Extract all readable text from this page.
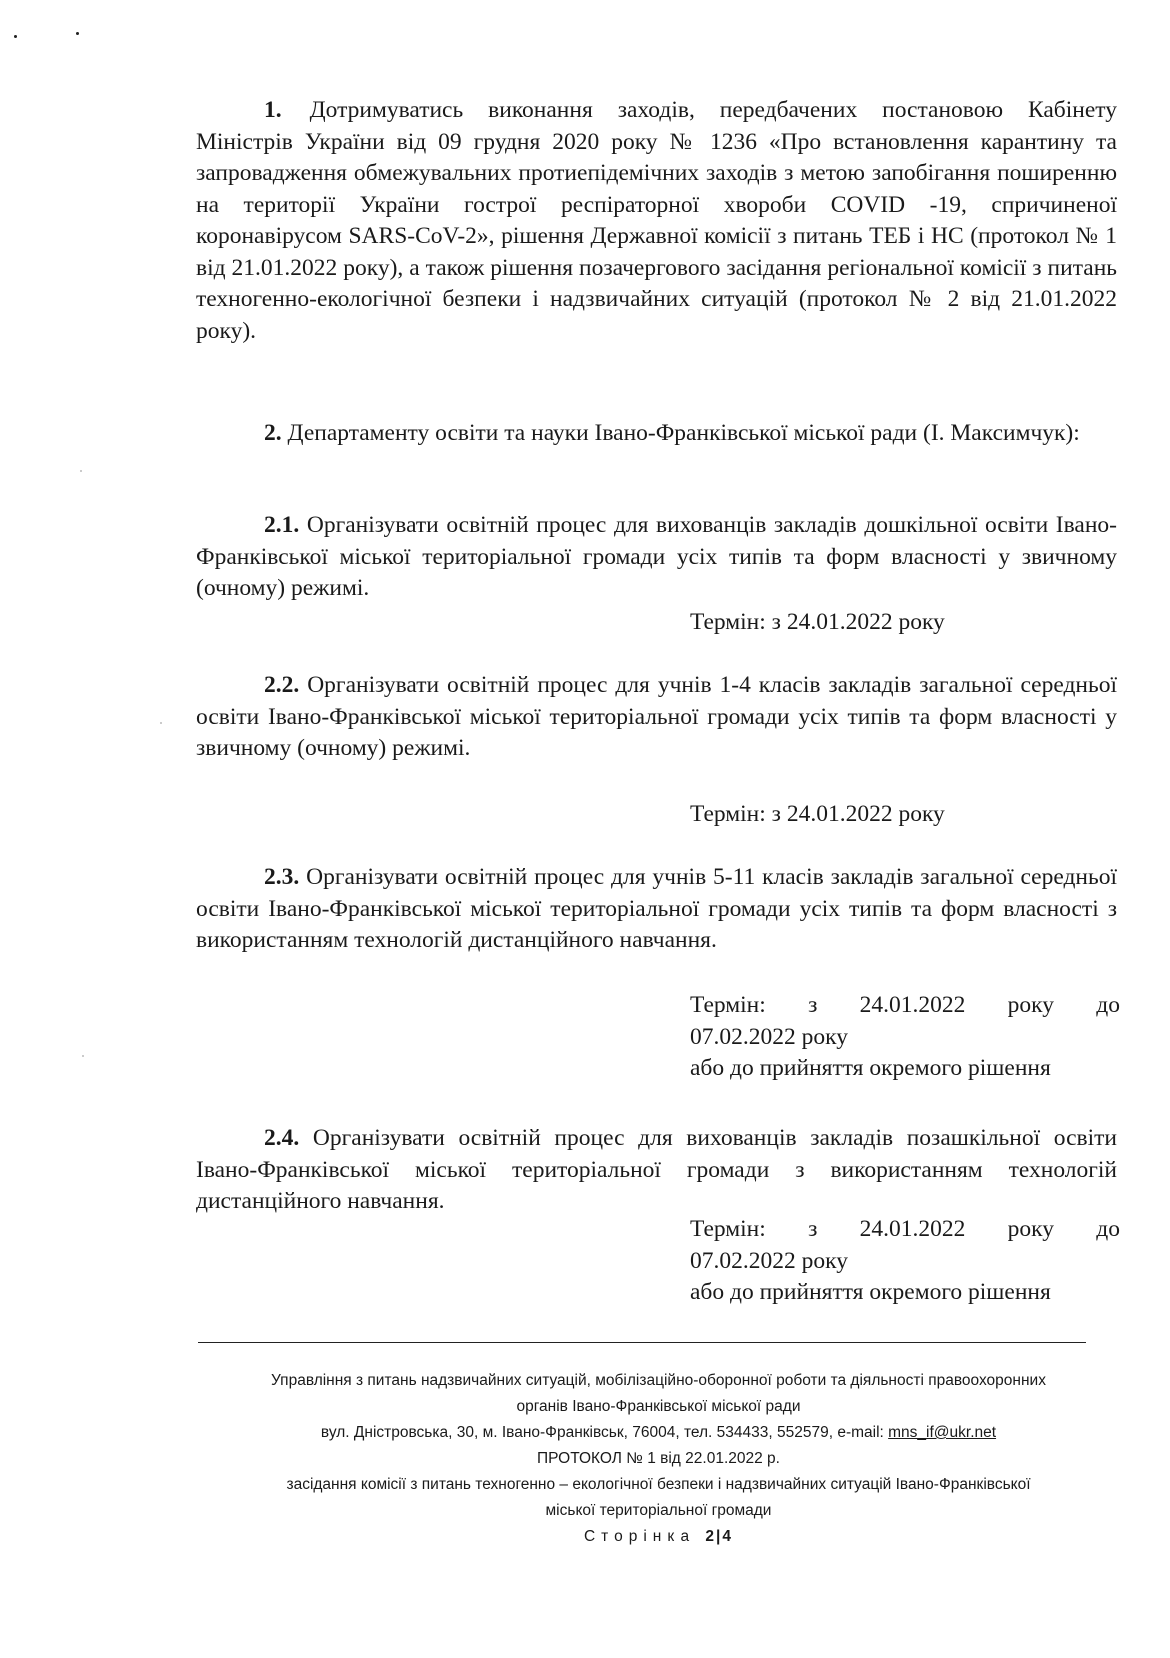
1. Дотримуватись виконання заходів, передбачених постановою Кабінету Міністрів України від 09 грудня 2020 року № 1236 «Про встановлення карантину та запровадження обмежувальних протиепідемічних заходів з метою запобігання поширенню на території України гострої респіраторної хвороби COVID -19, спричиненої коронавірусом SARS-CoV-2», рішення Державної комісії з питань ТЕБ і НС (протокол № 1 від 21.01.2022 року), а також рішення позачергового засідання регіональної комісії з питань техногенно-екологічної безпеки і надзвичайних ситуацій (протокол № 2 від 21.01.2022 року).

2. Департаменту освіти та науки Івано-Франківської міської ради (І. Максимчук):

2.1. Організувати освітній процес для вихованців закладів дошкільної освіти Івано-Франківської міської територіальної громади усіх типів та форм власності у звичному (очному) режимі.

Термін: з 24.01.2022 року

2.2. Організувати освітній процес для учнів 1-4 класів закладів загальної середньої освіти Івано-Франківської міської територіальної громади усіх типів та форм власності у звичному (очному) режимі.

Термін: з 24.01.2022 року

2.3. Організувати освітній процес для учнів 5-11 класів закладів загальної середньої освіти Івано-Франківської міської територіальної громади усіх типів та форм власності з використанням технологій дистанційного навчання.

Термін: з 24.01.2022 року до
07.02.2022 року
або до прийняття окремого рішення

2.4. Організувати освітній процес для вихованців закладів позашкільної освіти Івано-Франківської міської територіальної громади з використанням технологій дистанційного навчання.

Термін: з 24.01.2022 року до
07.02.2022 року
або до прийняття окремого рішення
Управління з питань надзвичайних ситуацій, мобілізаційно-оборонної роботи та діяльності правоохоронних
органів Івано-Франківської міської ради
вул. Дністровська, 30, м. Івано-Франківськ, 76004, тел. 534433, 552579, e-mail: mns_if@ukr.net
ПРОТОКОЛ № 1 від 22.01.2022 р.
засідання комісії з питань техногенно – екологічної безпеки і надзвичайних ситуацій Івано-Франківської
міської територіальної громади
Сторінка 2|4
